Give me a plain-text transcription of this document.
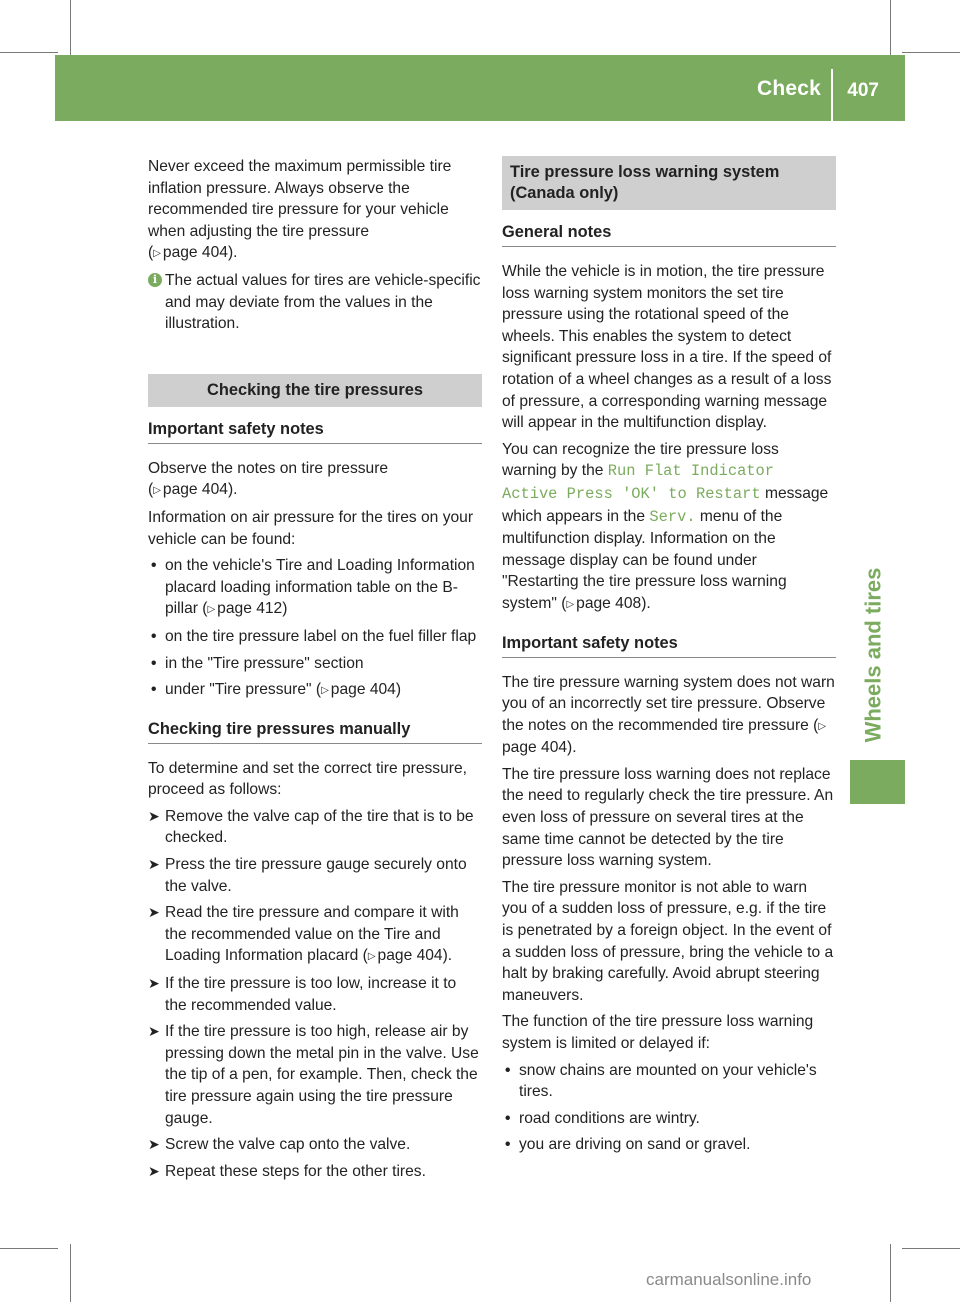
Check 407
Wheels and tires

Never exceed the maximum permissible tire inflation pressure. Always observe the recommended tire pressure for your vehicle when adjusting the tire pressure
(▷ page 404).

i The actual values for tires are vehicle-specific and may deviate from the values in the illustration.
Checking the tire pressures
Important safety notes

Observe the notes on tire pressure
(▷ page 404).

Information on air pressure for the tires on your vehicle can be found:

• on the vehicle's Tire and Loading Information placard loading information table on the B-pillar (▷ page 412)
• on the tire pressure label on the fuel filler flap
• in the "Tire pressure" section
• under "Tire pressure" (▷ page 404)
Checking tire pressures manually

To determine and set the correct tire pressure, proceed as follows:

➤ Remove the valve cap of the tire that is to be checked.
➤ Press the tire pressure gauge securely onto the valve.
➤ Read the tire pressure and compare it with the recommended value on the Tire and Loading Information placard (▷ page 404).
➤ If the tire pressure is too low, increase it to the recommended value.
➤ If the tire pressure is too high, release air by pressing down the metal pin in the valve. Use the tip of a pen, for example. Then, check the tire pressure again using the tire pressure gauge.
➤ Screw the valve cap onto the valve.
➤ Repeat these steps for the other tires.
Tire pressure loss warning system (Canada only)
General notes

While the vehicle is in motion, the tire pressure loss warning system monitors the set tire pressure using the rotational speed of the wheels. This enables the system to detect significant pressure loss in a tire. If the speed of rotation of a wheel changes as a result of a loss of pressure, a corresponding warning message will appear in the multifunction display.

You can recognize the tire pressure loss warning by the Run Flat Indicator Active Press 'OK' to Restart message which appears in the Serv. menu of the multifunction display. Information on the message display can be found under "Restarting the tire pressure loss warning system" (▷ page 408).

Important safety notes

The tire pressure warning system does not warn you of an incorrectly set tire pressure. Observe the notes on the recommended tire pressure (▷page 404).

The tire pressure loss warning does not replace the need to regularly check the tire pressure. An even loss of pressure on several tires at the same time cannot be detected by the tire pressure loss warning system.

The tire pressure monitor is not able to warn you of a sudden loss of pressure, e.g. if the tire is penetrated by a foreign object. In the event of a sudden loss of pressure, bring the vehicle to a halt by braking carefully. Avoid abrupt steering maneuvers.

The function of the tire pressure loss warning system is limited or delayed if:

• snow chains are mounted on your vehicle's tires.
• road conditions are wintry.
• you are driving on sand or gravel.
carmanualsonline.info
